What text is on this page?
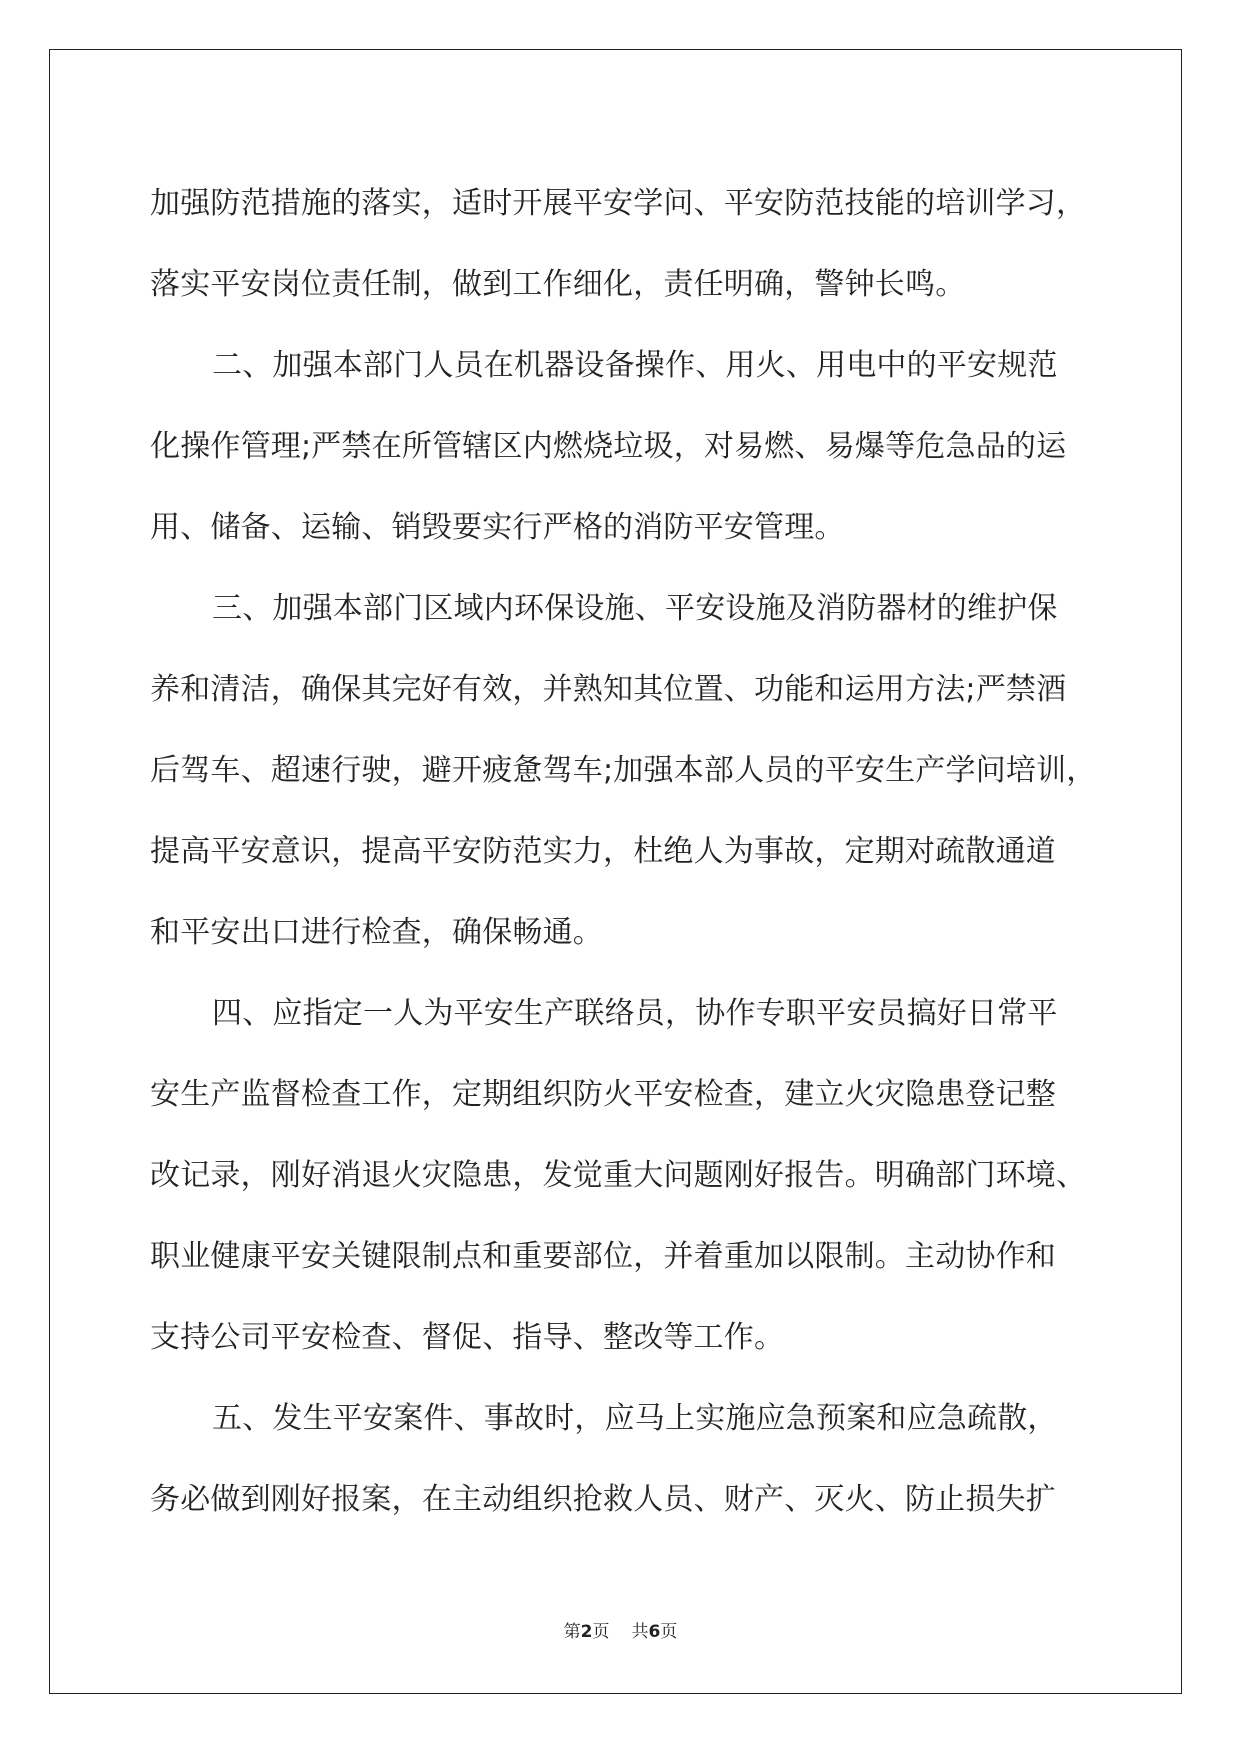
加强防范措施的落实，适时开展平安学问、平安防范技能的培训学习，
落实平安岗位责任制，做到工作细化，责任明确，警钟长鸣。

二、加强本部门人员在机器设备操作、用火、用电中的平安规范
化操作管理;严禁在所管辖区内燃烧垃圾，对易燃、易爆等危急品的运
用、储备、运输、销毁要实行严格的消防平安管理。

三、加强本部门区域内环保设施、平安设施及消防器材的维护保
养和清洁，确保其完好有效，并熟知其位置、功能和运用方法;严禁酒
后驾车、超速行驶，避开疲惫驾车;加强本部人员的平安生产学问培训，
提高平安意识，提高平安防范实力，杜绝人为事故，定期对疏散通道
和平安出口进行检查，确保畅通。

四、应指定一人为平安生产联络员，协作专职平安员搞好日常平
安生产监督检查工作，定期组织防火平安检查，建立火灾隐患登记整
改记录，刚好消退火灾隐患，发觉重大问题刚好报告。明确部门环境、
职业健康平安关键限制点和重要部位，并着重加以限制。主动协作和
支持公司平安检查、督促、指导、整改等工作。

五、发生平安案件、事故时，应马上实施应急预案和应急疏散，
务必做到刚好报案，在主动组织抢救人员、财产、灭火、防止损失扩

第2页 共6页
